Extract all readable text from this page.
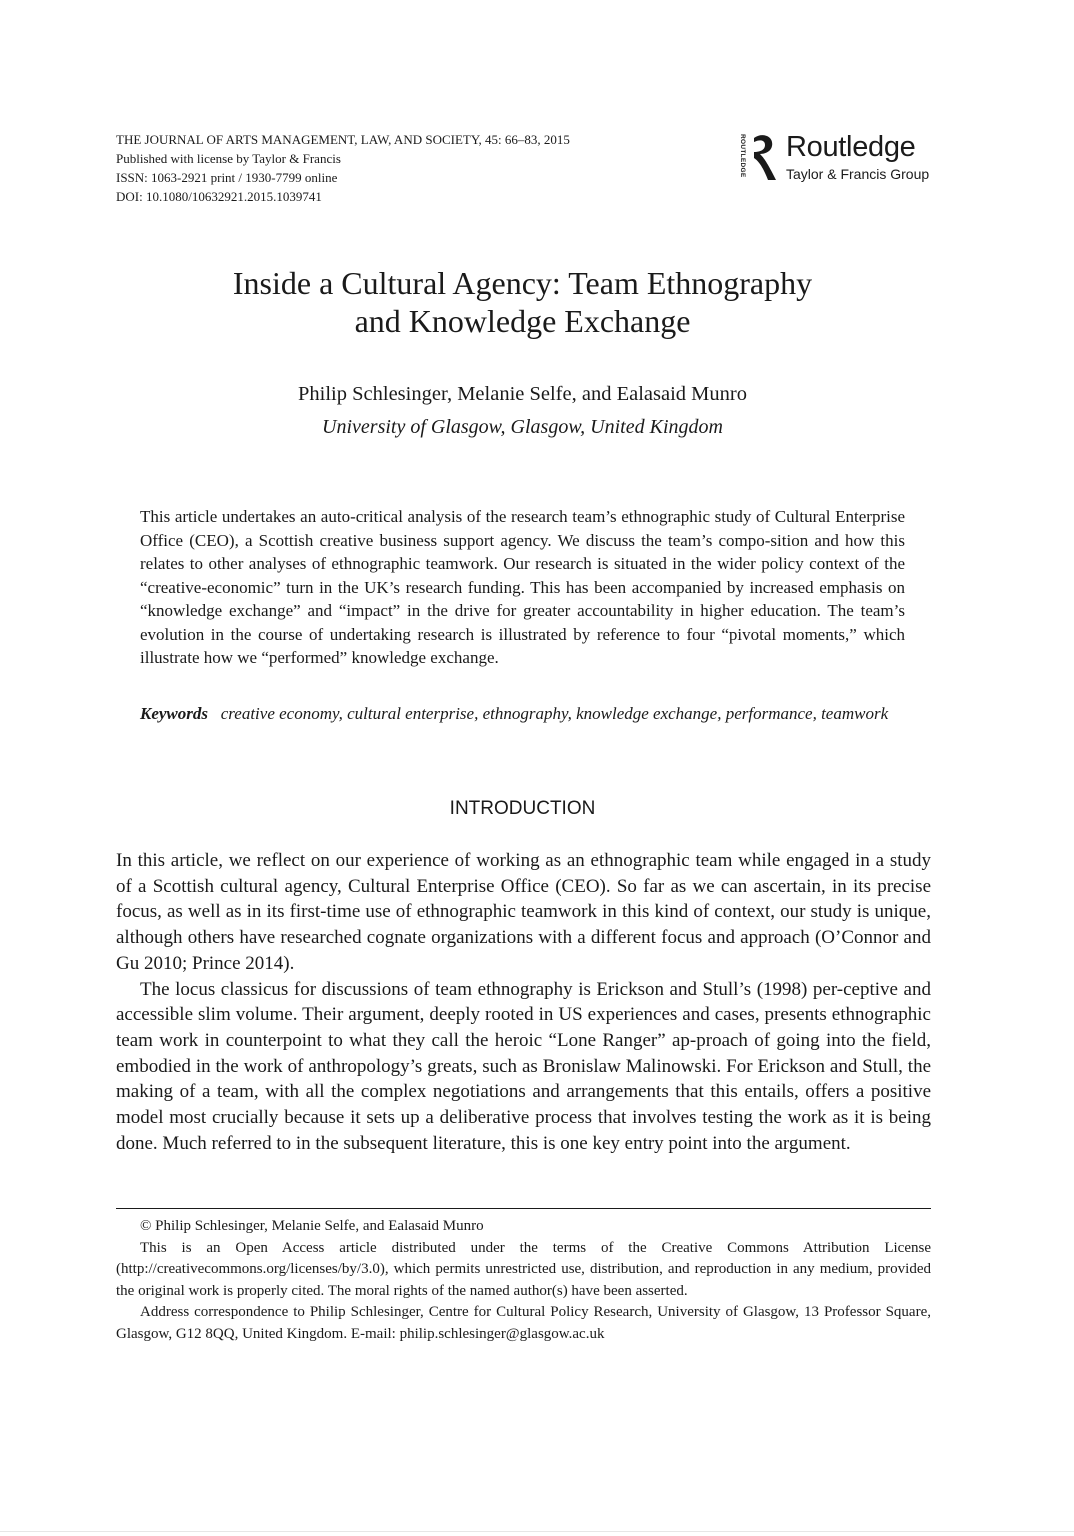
THE JOURNAL OF ARTS MANAGEMENT, LAW, AND SOCIETY, 45: 66–83, 2015
Published with license by Taylor & Francis
ISSN: 1063-2921 print / 1930-7799 online
DOI: 10.1080/10632921.2015.1039741
ROUTLEDGE Routledge
Taylor & Francis Group
Inside a Cultural Agency: Team Ethnography
and Knowledge Exchange
Philip Schlesinger, Melanie Selfe, and Ealasaid Munro
University of Glasgow, Glasgow, United Kingdom

This article undertakes an auto-critical analysis of the research team’s ethnographic study of Cultural Enterprise Office (CEO), a Scottish creative business support agency. We discuss the team’s compo-sition and how this relates to other analyses of ethnographic teamwork. Our research is situated in the wider policy context of the “creative-economic” turn in the UK’s research funding. This has been accompanied by increased emphasis on “knowledge exchange” and “impact” in the drive for greater accountability in higher education. The team’s evolution in the course of undertaking research is illustrated by reference to four “pivotal moments,” which illustrate how we “performed” knowledge exchange.

Keywords creative economy, cultural enterprise, ethnography, knowledge exchange, performance, teamwork

INTRODUCTION

In this article, we reflect on our experience of working as an ethnographic team while engaged in a study of a Scottish cultural agency, Cultural Enterprise Office (CEO). So far as we can ascertain, in its precise focus, as well as in its first-time use of ethnographic teamwork in this kind of context, our study is unique, although others have researched cognate organizations with a different focus and approach (O’Connor and Gu 2010; Prince 2014).

The locus classicus for discussions of team ethnography is Erickson and Stull’s (1998) per-ceptive and accessible slim volume. Their argument, deeply rooted in US experiences and cases, presents ethnographic team work in counterpoint to what they call the heroic “Lone Ranger” ap-proach of going into the field, embodied in the work of anthropology’s greats, such as Bronislaw Malinowski. For Erickson and Stull, the making of a team, with all the complex negotiations and arrangements that this entails, offers a positive model most crucially because it sets up a deliberative process that involves testing the work as it is being done. Much referred to in the subsequent literature, this is one key entry point into the argument.

© Philip Schlesinger, Melanie Selfe, and Ealasaid Munro

This is an Open Access article distributed under the terms of the Creative Commons Attribution License (http://creativecommons.org/licenses/by/3.0), which permits unrestricted use, distribution, and reproduction in any medium, provided the original work is properly cited. The moral rights of the named author(s) have been asserted.

Address correspondence to Philip Schlesinger, Centre for Cultural Policy Research, University of Glasgow, 13 Professor Square, Glasgow, G12 8QQ, United Kingdom. E-mail: philip.schlesinger@glasgow.ac.uk
